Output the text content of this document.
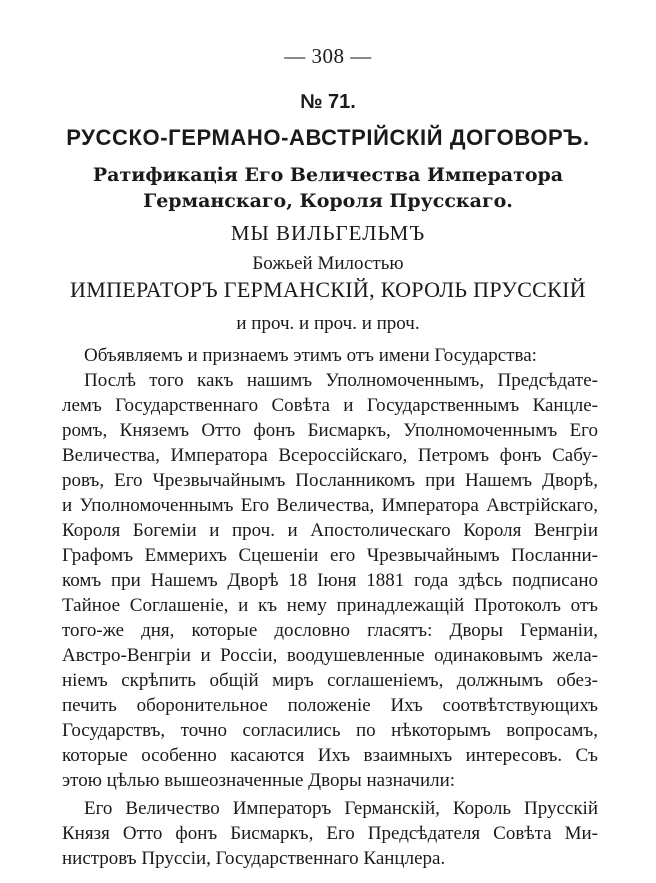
— 308 —
№ 71.
РУССКО-ГЕРМАНО-АВСТРІЙСКІЙ ДОГОВОРЪ.
Ратификація Его Величества Императора
Германскаго, Короля Прусскаго.
МЫ ВИЛЬГЕЛЬМЪ
Божьей Милостью
ИМПЕРАТОРЪ ГЕРМАНСКІЙ, КОРОЛЬ ПРУССКІЙ
и проч. и проч. и проч.
Объявляемъ и признаемъ этимъ отъ имени Государства:
Послѣ того какъ нашимъ Уполномоченнымъ, Предсѣдате-
лемъ Государственнаго Совѣта и Государственнымъ Канцле-
ромъ, Княземъ Отто фонъ Бисмаркъ, Уполномоченнымъ Его
Величества, Императора Всероссійскаго, Петромъ фонъ Сабу-
ровъ, Его Чрезвычайнымъ Посланникомъ при Нашемъ Дворѣ,
и Уполномоченнымъ Его Величества, Императора Австрійскаго,
Короля Богеміи и проч. и Апостолическаго Короля Венгріи
Графомъ Еммерихъ Сцешеніи его Чрезвычайнымъ Посланни-
комъ при Нашемъ Дворѣ 18 Іюня 1881 года здѣсь подписано
Тайное Соглашеніе, и къ нему принадлежащій Протоколъ отъ
того-же дня, которые дословно гласятъ: Дворы Германіи,
Австро-Венгріи и Россіи, воодушевленные одинаковымъ жела-
ніемъ скрѣпить общій миръ соглашеніемъ, должнымъ обез-
печить оборонительное положеніе Ихъ соотвѣтствующихъ
Государствъ, точно согласились по нѣкоторымъ вопросамъ,
которые особенно касаются Ихъ взаимныхъ интересовъ. Съ
этою цѣлью вышеозначенные Дворы назначили:
Его Величество Императоръ Германскій, Король Прусскій
Князя Отто фонъ Бисмаркъ, Его Предсѣдателя Совѣта Ми-
нистровъ Пруссіи, Государственнаго Канцлера.
